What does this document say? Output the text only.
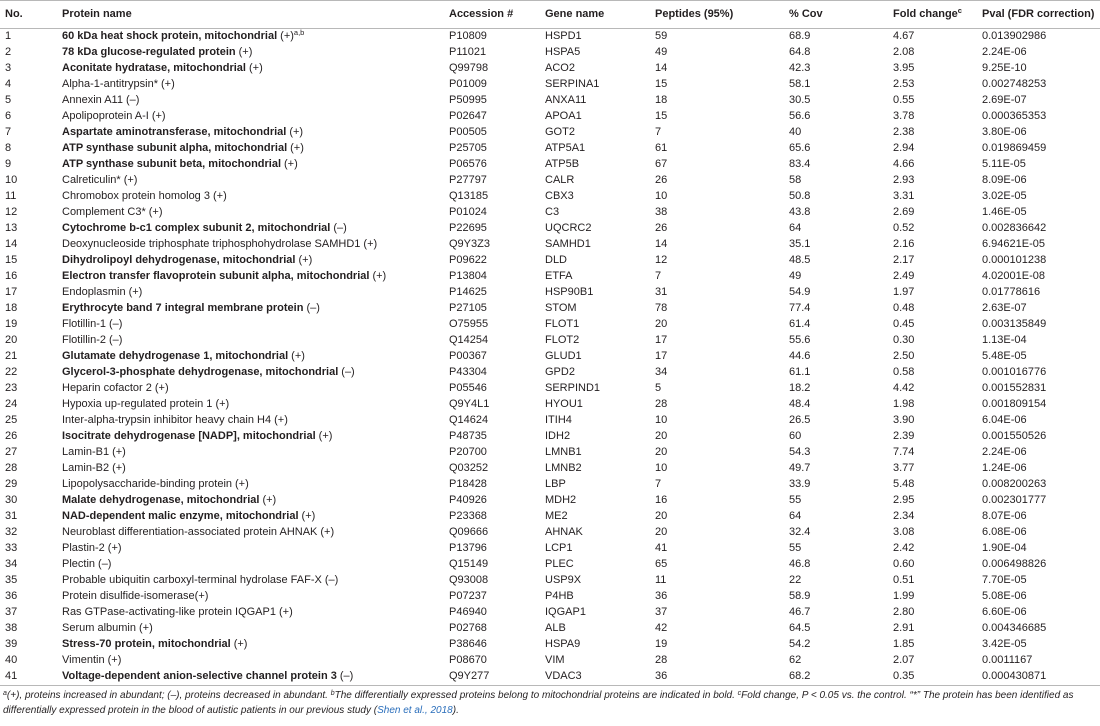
No.	Protein name	Accession #	Gene name	Peptides (95%)	% Cov	Fold change$^c$	Pval (FDR correction)
1	60 kDa heat shock protein, mitochondrial (+)$^{a,b}$	P10809	HSPD1	59	68.9	4.67	0.013902986
2	78 kDa glucose-regulated protein (+)	P11021	HSPA5	49	64.8	2.08	2.24E-06
3	Aconitate hydratase, mitochondrial (+)	Q99798	ACO2	14	42.3	3.95	9.25E-10
4	Alpha-1-antitrypsin* (+)	P01009	SERPINA1	15	58.1	2.53	0.002748253
5	Annexin A11 (–)	P50995	ANXA11	18	30.5	0.55	2.69E-07
6	Apolipoprotein A-I (+)	P02647	APOA1	15	56.6	3.78	0.000365353
7	Aspartate aminotransferase, mitochondrial (+)	P00505	GOT2	7	40	2.38	3.80E-06
8	ATP synthase subunit alpha, mitochondrial (+)	P25705	ATP5A1	61	65.6	2.94	0.019869459
9	ATP synthase subunit beta, mitochondrial (+)	P06576	ATP5B	67	83.4	4.66	5.11E-05
10	Calreticulin* (+)	P27797	CALR	26	58	2.93	8.09E-06
11	Chromobox protein homolog 3 (+)	Q13185	CBX3	10	50.8	3.31	3.02E-05
12	Complement C3* (+)	P01024	C3	38	43.8	2.69	1.46E-05
13	Cytochrome b-c1 complex subunit 2, mitochondrial (–)	P22695	UQCRC2	26	64	0.52	0.002836642
14	Deoxynucleoside triphosphate triphosphohydrolase SAMHD1 (+)	Q9Y3Z3	SAMHD1	14	35.1	2.16	6.94621E-05
15	Dihydrolipoyl dehydrogenase, mitochondrial (+)	P09622	DLD	12	48.5	2.17	0.000101238
16	Electron transfer flavoprotein subunit alpha, mitochondrial (+)	P13804	ETFA	7	49	2.49	4.02001E-08
17	Endoplasmin (+)	P14625	HSP90B1	31	54.9	1.97	0.01778616
18	Erythrocyte band 7 integral membrane protein (–)	P27105	STOM	78	77.4	0.48	2.63E-07
19	Flotillin-1 (–)	O75955	FLOT1	20	61.4	0.45	0.003135849
20	Flotillin-2 (–)	Q14254	FLOT2	17	55.6	0.30	1.13E-04
21	Glutamate dehydrogenase 1, mitochondrial (+)	P00367	GLUD1	17	44.6	2.50	5.48E-05
22	Glycerol-3-phosphate dehydrogenase, mitochondrial (–)	P43304	GPD2	34	61.1	0.58	0.001016776
23	Heparin cofactor 2 (+)	P05546	SERPIND1	5	18.2	4.42	0.001552831
24	Hypoxia up-regulated protein 1 (+)	Q9Y4L1	HYOU1	28	48.4	1.98	0.001809154
25	Inter-alpha-trypsin inhibitor heavy chain H4 (+)	Q14624	ITIH4	10	26.5	3.90	6.04E-06
26	Isocitrate dehydrogenase [NADP], mitochondrial (+)	P48735	IDH2	20	60	2.39	0.001550526
27	Lamin-B1 (+)	P20700	LMNB1	20	54.3	7.74	2.24E-06
28	Lamin-B2 (+)	Q03252	LMNB2	10	49.7	3.77	1.24E-06
29	Lipopolysaccharide-binding protein (+)	P18428	LBP	7	33.9	5.48	0.008200263
30	Malate dehydrogenase, mitochondrial (+)	P40926	MDH2	16	55	2.95	0.002301777
31	NAD-dependent malic enzyme, mitochondrial (+)	P23368	ME2	20	64	2.34	8.07E-06
32	Neuroblast differentiation-associated protein AHNAK (+)	Q09666	AHNAK	20	32.4	3.08	6.08E-06
33	Plastin-2 (+)	P13796	LCP1	41	55	2.42	1.90E-04
34	Plectin (–)	Q15149	PLEC	65	46.8	0.60	0.006498826
35	Probable ubiquitin carboxyl-terminal hydrolase FAF-X (–)	Q93008	USP9X	11	22	0.51	7.70E-05
36	Protein disulfide-isomerase(+)	P07237	P4HB	36	58.9	1.99	5.08E-06
37	Ras GTPase-activating-like protein IQGAP1 (+)	P46940	IQGAP1	37	46.7	2.80	6.60E-06
38	Serum albumin (+)	P02768	ALB	42	64.5	2.91	0.004346685
39	Stress-70 protein, mitochondrial (+)	P38646	HSPA9	19	54.2	1.85	3.42E-05
40	Vimentin (+)	P08670	VIM	28	62	2.07	0.0011167
41	Voltage-dependent anion-selective channel protein 3 (–)	Q9Y277	VDAC3	36	68.2	0.35	0.000430871
$^a$(+), proteins increased in abundant; (–), proteins decreased in abundant. $^b$The differentially expressed proteins belong to mitochondrial proteins are indicated in bold. $^c$Fold change, P < 0.05 vs. the control. “*” The protein has been identified as differentially expressed protein in the blood of autistic patients in our previous study (Shen et al., 2018).
